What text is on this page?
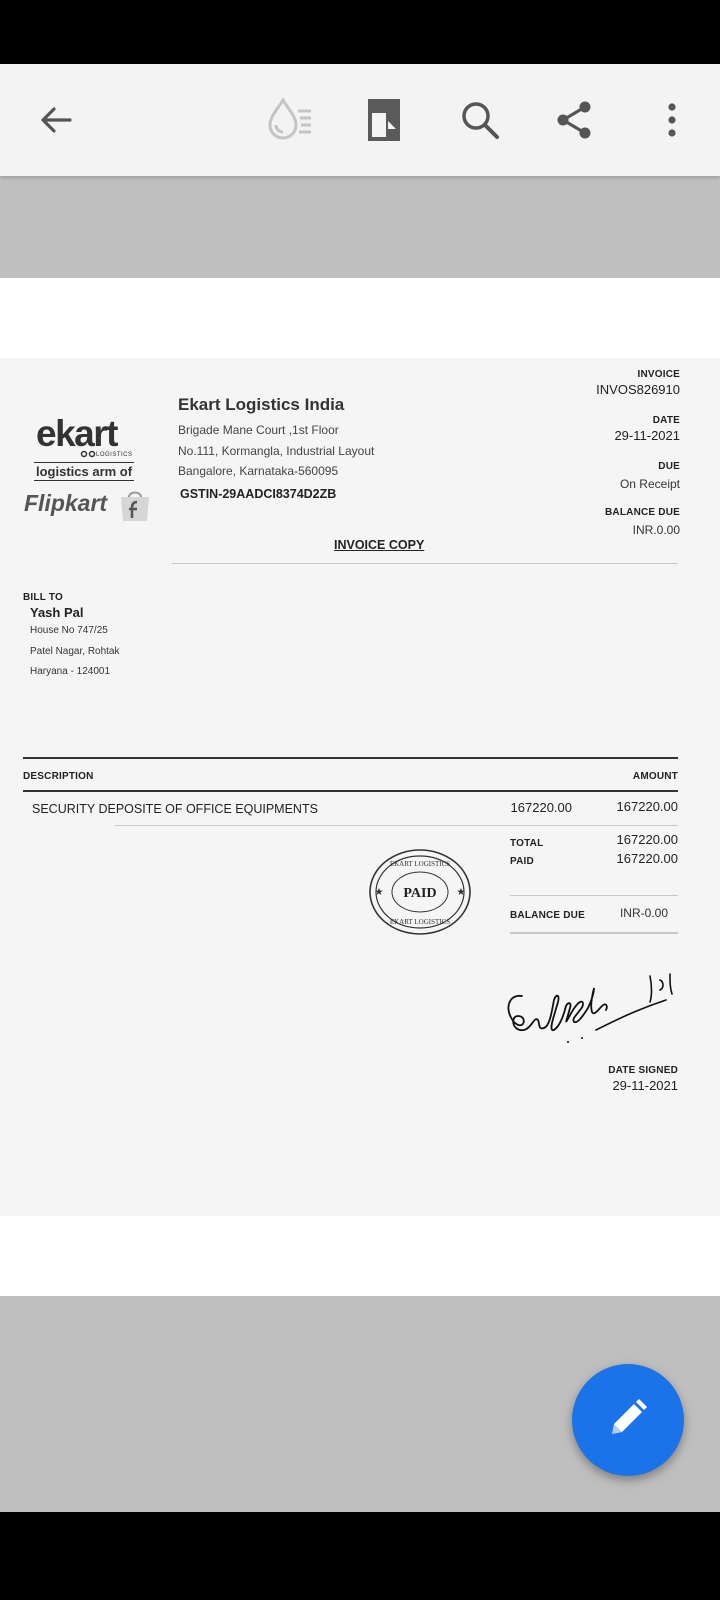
ekart
LOGISTICS
logistics arm of
Flipkart
Ekart Logistics India
Brigade Mane Court ,1st Floor
No.111, Kormangla, Industrial Layout
Bangalore, Karnataka-560095
GSTIN-29AADCI8374D2ZB
INVOICE
INVOS826910
DATE
29-11-2021
DUE
On Receipt
BALANCE DUE
INR.0.00
INVOICE COPY
BILL TO
Yash Pal
House No 747/25
Patel Nagar, Rohtak
Haryana - 124001
DESCRIPTION	AMOUNT
SECURITY DEPOSITE OF OFFICE EQUIPMENTS	167220.00	167220.00
TOTAL	167220.00
PAID	167220.00
BALANCE DUE	INR-0.00
EKART LOGISTICS
EKART LOGISTICS
★	★
PAID
DATE SIGNED
29-11-2021
